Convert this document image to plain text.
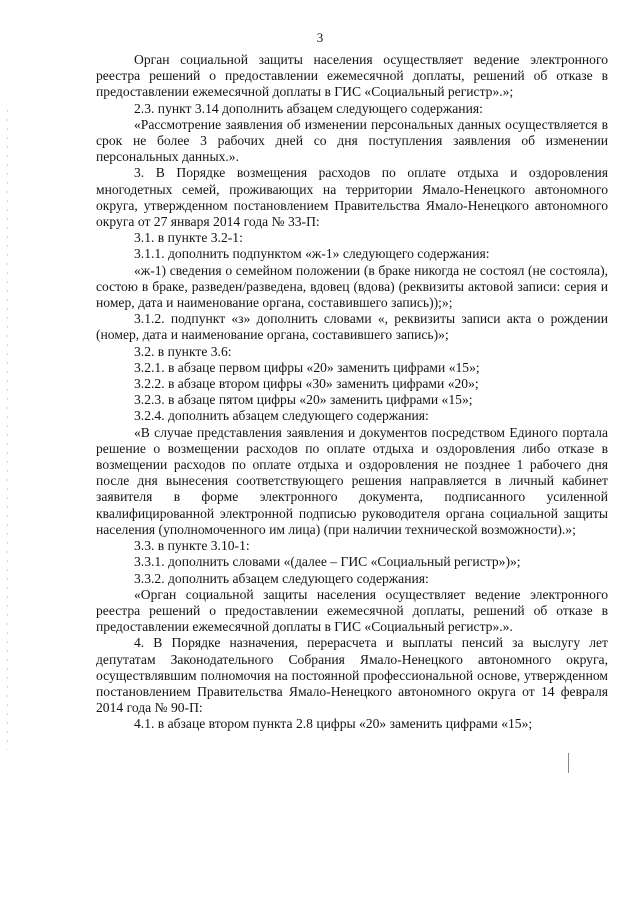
3

Орган социальной защиты населения осуществляет ведение электронного реестра решений о предоставлении ежемесячной доплаты, решений об отказе в предоставлении ежемесячной доплаты в ГИС «Социальный регистр».»;

2.3. пункт 3.14 дополнить абзацем следующего содержания:

«Рассмотрение заявления об изменении персональных данных осуществляется в срок не более 3 рабочих дней со дня поступления заявления об изменении персональных данных.».

3. В Порядке возмещения расходов по оплате отдыха и оздоровления многодетных семей, проживающих на территории Ямало-Ненецкого автономного округа, утвержденном постановлением Правительства Ямало-Ненецкого автономного округа от 27 января 2014 года № 33-П:

3.1. в пункте 3.2-1:

3.1.1. дополнить подпунктом «ж-1» следующего содержания:

«ж-1) сведения о семейном положении (в браке никогда не состоял (не состояла), состою в браке, разведен/разведена, вдовец (вдова) (реквизиты актовой записи: серия и номер, дата и наименование органа, составившего запись));»;

3.1.2. подпункт «з» дополнить словами «, реквизиты записи акта о рождении (номер, дата и наименование органа, составившего запись)»;

3.2. в пункте 3.6:

3.2.1. в абзаце первом цифры «20» заменить цифрами «15»;

3.2.2. в абзаце втором цифры «30» заменить цифрами «20»;

3.2.3. в абзаце пятом цифры «20» заменить цифрами «15»;

3.2.4. дополнить абзацем следующего содержания:

«В случае представления заявления и документов посредством Единого портала решение о возмещении расходов по оплате отдыха и оздоровления либо отказе в возмещении расходов по оплате отдыха и оздоровления не позднее 1 рабочего дня после дня вынесения соответствующего решения направляется в личный кабинет заявителя в форме электронного документа, подписанного усиленной квалифицированной электронной подписью руководителя органа социальной защиты населения (уполномоченного им лица) (при наличии технической возможности).»;

3.3. в пункте 3.10-1:

3.3.1. дополнить словами «(далее – ГИС «Социальный регистр»)»;

3.3.2. дополнить абзацем следующего содержания:

«Орган социальной защиты населения осуществляет ведение электронного реестра решений о предоставлении ежемесячной доплаты, решений об отказе в предоставлении ежемесячной доплаты в ГИС «Социальный регистр».».

4. В Порядке назначения, перерасчета и выплаты пенсий за выслугу лет депутатам Законодательного Собрания Ямало-Ненецкого автономного округа, осуществлявшим полномочия на постоянной профессиональной основе, утвержденном постановлением Правительства Ямало-Ненецкого автономного округа от 14 февраля 2014 года № 90-П:

4.1. в абзаце втором пункта 2.8 цифры «20» заменить цифрами «15»;
